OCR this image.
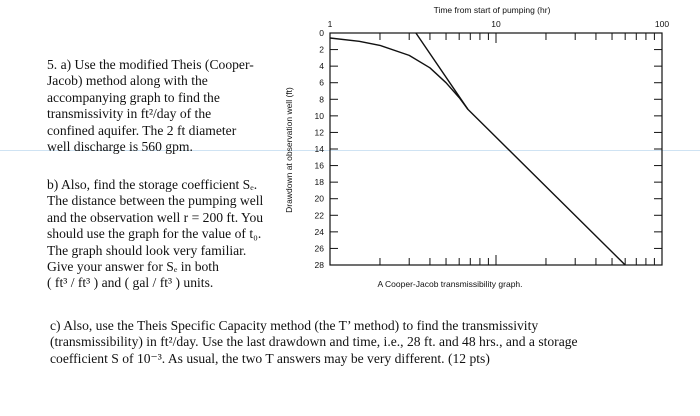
5. a) Use the modified Theis (Cooper-
Jacob) method along with the
accompanying graph to find the
transmissivity in ft²/day of the
confined aquifer. The 2 ft diameter
well discharge is 560 gpm.
b) Also, find the storage coefficient Sₑ.
The distance between the pumping well
and the observation well r = 200 ft. You
should use the graph for the value of t₀.
The graph should look very familiar.
Give your answer for Sₑ in both
( ft³ / ft³ ) and ( gal / ft³ ) units.
c) Also, use the Theis Specific Capacity method (the T’ method) to find the transmissivity
(transmissibility) in ft²/day. Use the last drawdown and time, i.e., 28 ft. and 48 hrs., and a storage
coefficient S of 10⁻³. As usual, the two T answers may be very different. (12 pts)
Time from start of pumping (hr)
A Cooper-Jacob transmissibility graph.
Drawdown at observation well (ft)
0
2
4
6
8
10
12
14
16
18
20
22
24
26
28
1	10	100
